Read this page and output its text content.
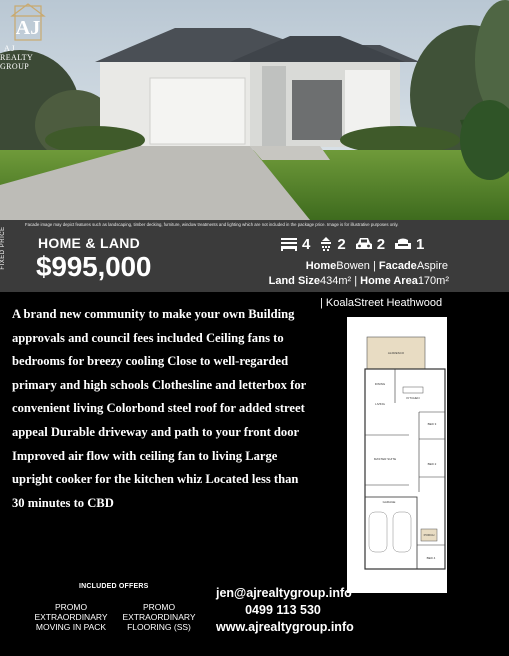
AJ
A J
REALTY GROUP
Facade image may depict features such as landscaping, timber decking, furniture, window treatments and lighting which are not included in the package price. Image is for illustrative purposes only.
FIXED PRICE HOME & LAND
$995,000
4 2 2 1
HomeBowen | FacadeAspire
Land Size434m² | Home Area170m²
A brand new community to make your own Building approvals and council fees included Ceiling fans to bedrooms for breezy cooling Close to well-regarded primary and high schools Clothesline and letterbox for convenient living Colorbond steel roof for added street appeal Durable driveway and path to your front door Improved air flow with ceiling fan to living Large upright cooker for the kitchen whiz Located less than 30 minutes to CBD
| KoalaStreet Heathwood
ALFRESCO
DINING
KITCHEN
LIVING
BED 3
BED 2
MASTER SUITE
GARAGE
PORCH
BED 4
INCLUDED OFFERS
PROMO
EXTRAORDINARY
MOVING IN PACK
PROMO
EXTRAORDINARY
FLOORING (SS)
jen@ajrealtygroup.info
0499 113 530
www.ajrealtygroup.info
